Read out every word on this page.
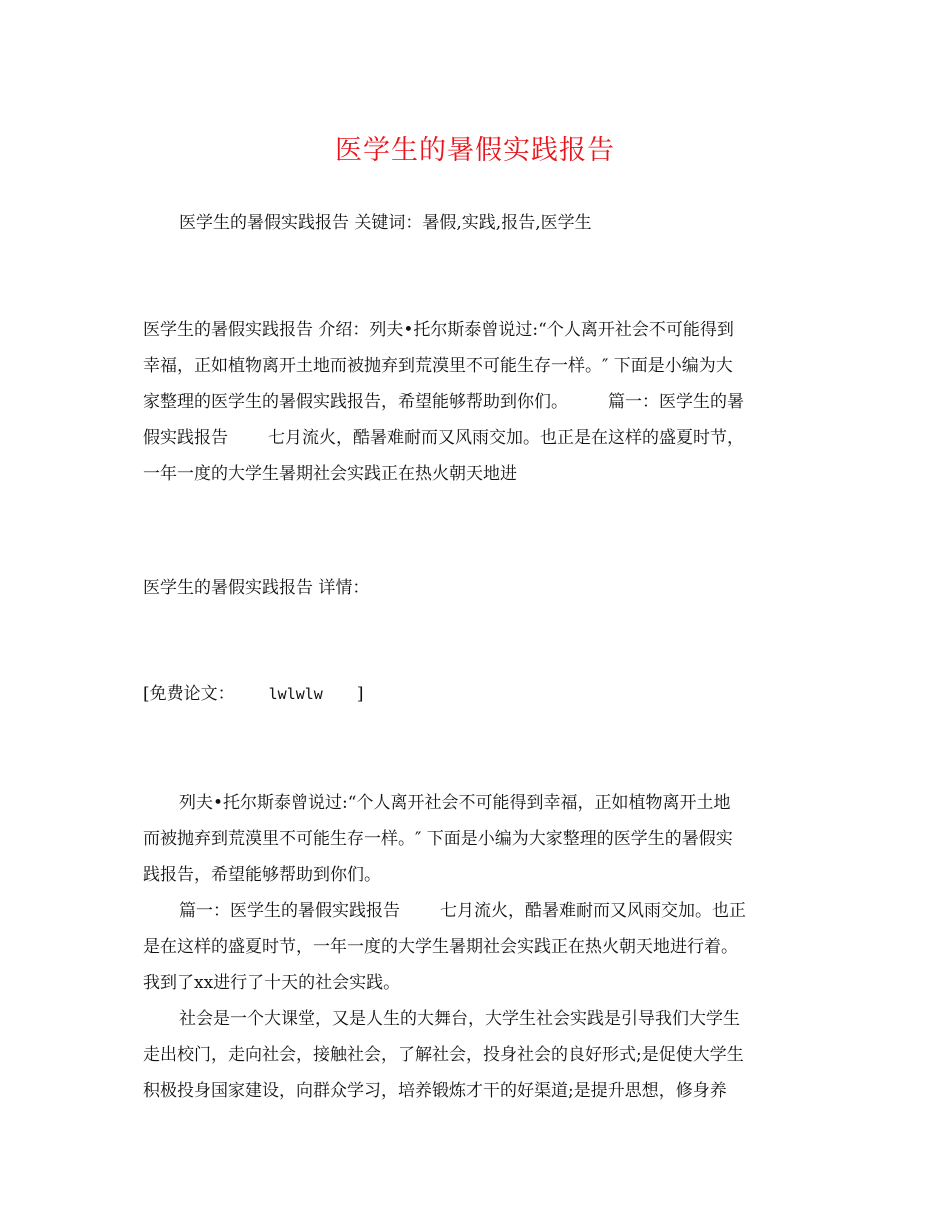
医学生的暑假实践报告
医学生的暑假实践报告 关键词：暑假,实践,报告,医学生
医学生的暑假实践报告 介绍：列夫•托尔斯泰曾说过:“个人离开社会不可能得到
幸福，正如植物离开土地而被抛弃到荒漠里不可能生存一样。″ 下面是小编为大
家整理的医学生的暑假实践报告，希望能够帮助到你们。 篇一：医学生的暑
假实践报告 七月流火，酷暑难耐而又风雨交加。也正是在这样的盛夏时节，
一年一度的大学生暑期社会实践正在热火朝天地进
医学生的暑假实践报告 详情：
[免费论文： lwlwlw ]
列夫•托尔斯泰曾说过:“个人离开社会不可能得到幸福，正如植物离开土地
而被抛弃到荒漠里不可能生存一样。″ 下面是小编为大家整理的医学生的暑假实
践报告，希望能够帮助到你们。
篇一：医学生的暑假实践报告 七月流火，酷暑难耐而又风雨交加。也正
是在这样的盛夏时节，一年一度的大学生暑期社会实践正在热火朝天地进行着。
我到了xx进行了十天的社会实践。
社会是一个大课堂，又是人生的大舞台，大学生社会实践是引导我们大学生
走出校门，走向社会，接触社会，了解社会，投身社会的良好形式;是促使大学生
积极投身国家建设，向群众学习，培养锻炼才干的好渠道;是提升思想，修身养
